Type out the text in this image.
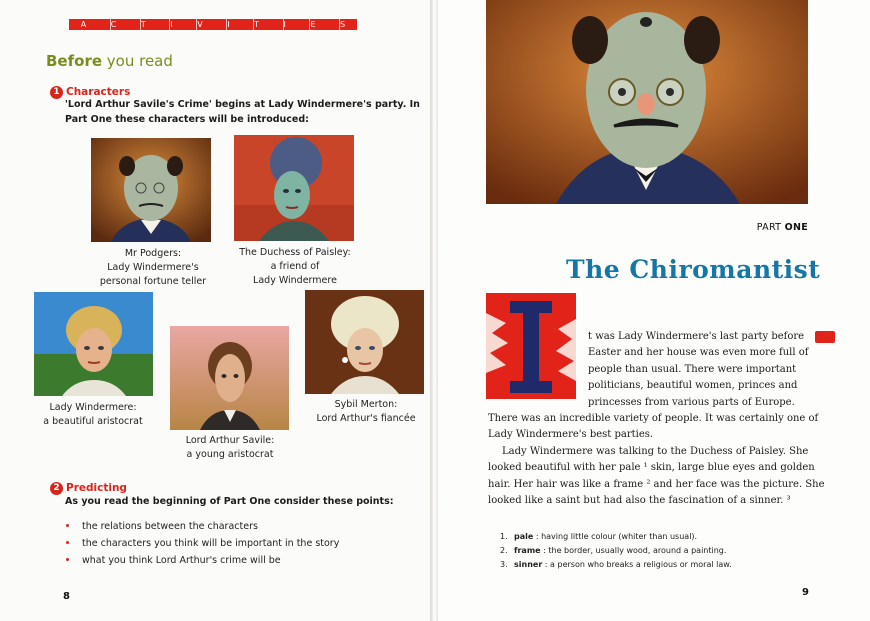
A	C	T	I	V	I	T	I	E	S
Before you read
1 Characters
'Lord Arthur Savile's Crime' begins at Lady Windermere's party. In
Part One these characters will be introduced:
Mr Podgers:
Lady Windermere's
personal fortune teller
The Duchess of Paisley:
a friend of
Lady Windermere
Lady Windermere:
a beautiful aristocrat
Lord Arthur Savile:
a young aristocrat
Sybil Merton:
Lord Arthur's fiancée
2 Predicting
As you read the beginning of Part One consider these points:
the relations between the characters
the characters you think will be important in the story
what you think Lord Arthur's crime will be
8
PART ONE
The Chiromantist
t was Lady Windermere's last party before
Easter and her house was even more full of
people than usual. There were important
politicians, beautiful women, princes and
princesses from various parts of Europe.
There was an incredible variety of people. It was certainly one of
Lady Windermere's best parties.
Lady Windermere was talking to the Duchess of Paisley. She
looked beautiful with her pale ¹ skin, large blue eyes and golden
hair. Her hair was like a frame ² and her face was the picture. She
looked like a saint but had also the fascination of a sinner. ³
1. pale : having little colour (whiter than usual).
2. frame : the border, usually wood, around a painting.
3. sinner : a person who breaks a religious or moral law.
9
